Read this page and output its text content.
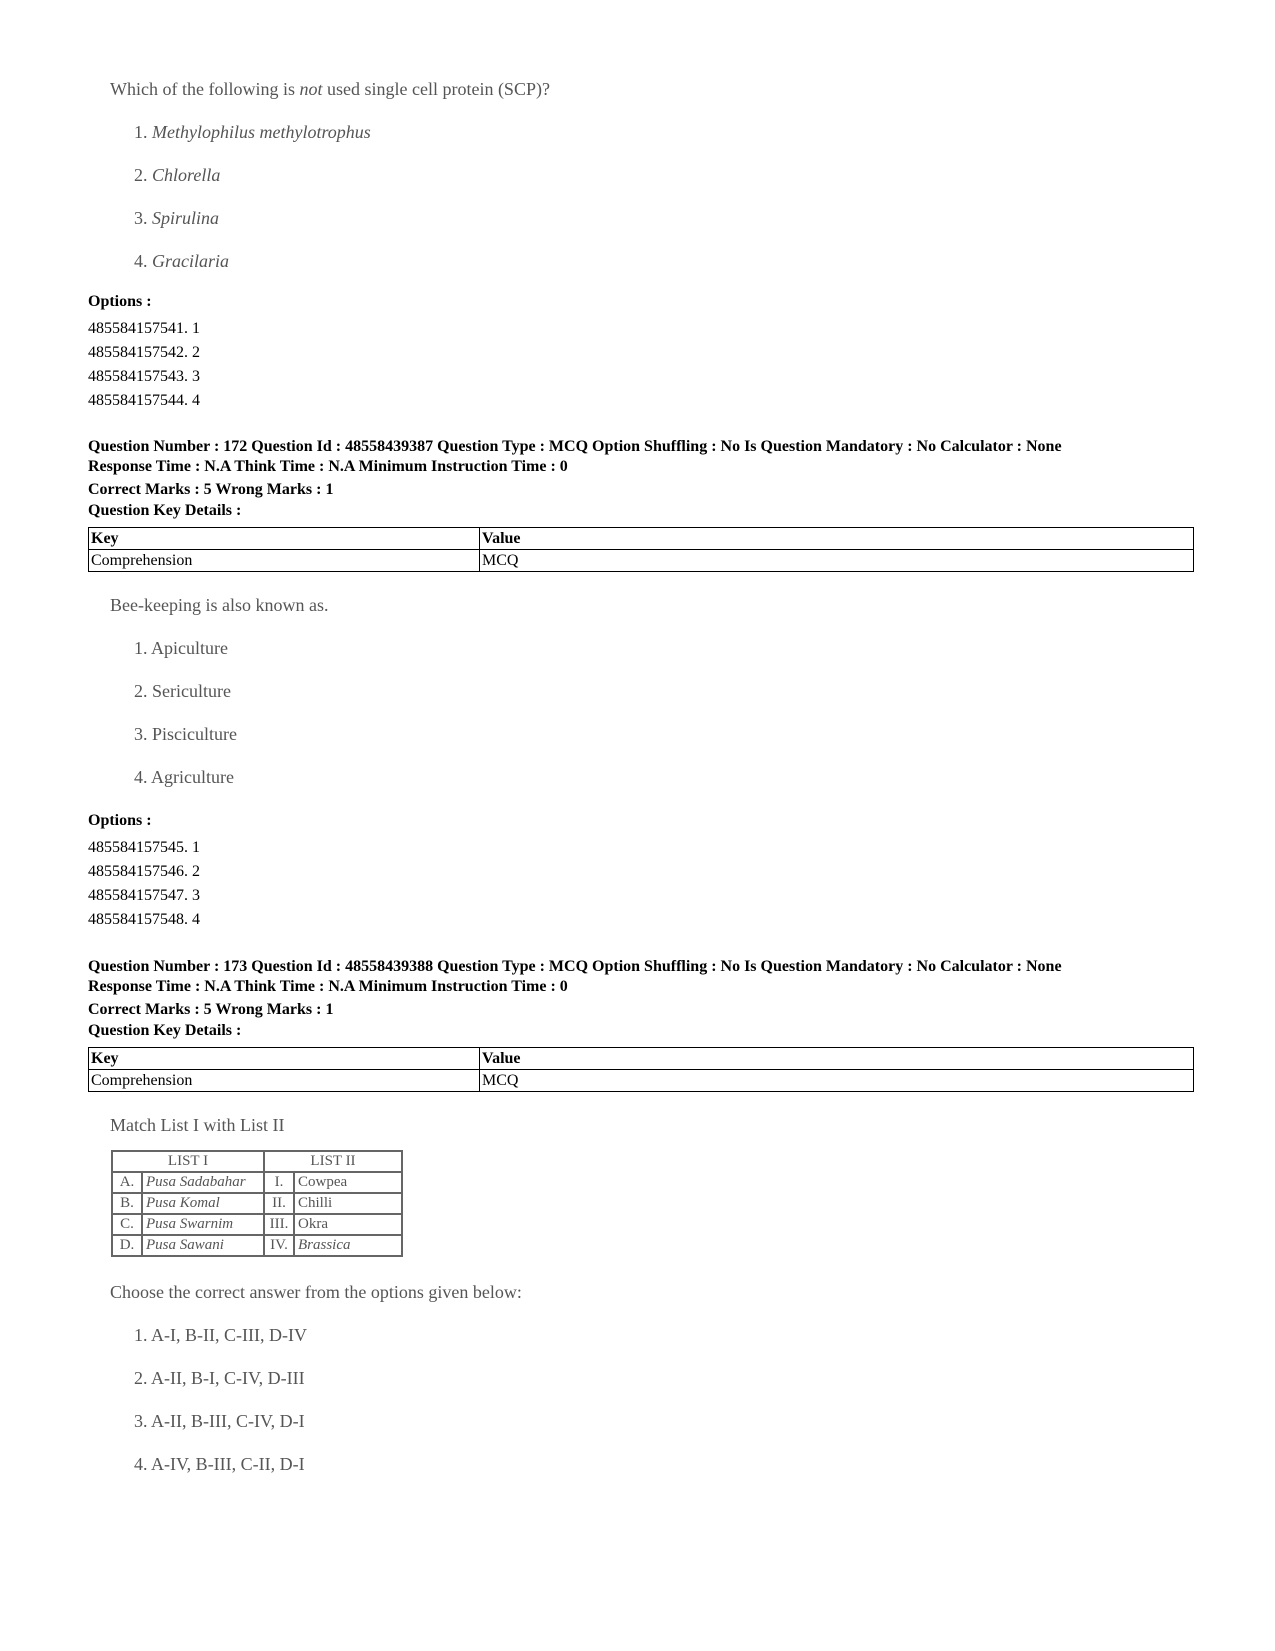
Which of the following is not used single cell protein (SCP)?
1. Methylophilus methylotrophus
2. Chlorella
3. Spirulina
4. Gracilaria
Options :
485584157541. 1
485584157542. 2
485584157543. 3
485584157544. 4
Question Number : 172 Question Id : 48558439387 Question Type : MCQ Option Shuffling : No Is Question Mandatory : No Calculator : None
Response Time : N.A Think Time : N.A Minimum Instruction Time : 0
Correct Marks : 5 Wrong Marks : 1
Question Key Details :
Key	Value
Comprehension	MCQ
Bee-keeping is also known as.
1. Apiculture
2. Sericulture
3. Pisciculture
4. Agriculture
Options :
485584157545. 1
485584157546. 2
485584157547. 3
485584157548. 4
Question Number : 173 Question Id : 48558439388 Question Type : MCQ Option Shuffling : No Is Question Mandatory : No Calculator : None
Response Time : N.A Think Time : N.A Minimum Instruction Time : 0
Correct Marks : 5 Wrong Marks : 1
Question Key Details :
Key	Value
Comprehension	MCQ
Match List I with List II
LIST I		LIST II	
A.	Pusa Sadabahar	I.	Cowpea
B.	Pusa Komal	II.	Chilli
C.	Pusa Swarnim	III.	Okra
D.	Pusa Sawani	IV.	Brassica
Choose the correct answer from the options given below:
1. A-I, B-II, C-III, D-IV
2. A-II, B-I, C-IV, D-III
3. A-II, B-III, C-IV, D-I
4. A-IV, B-III, C-II, D-I
